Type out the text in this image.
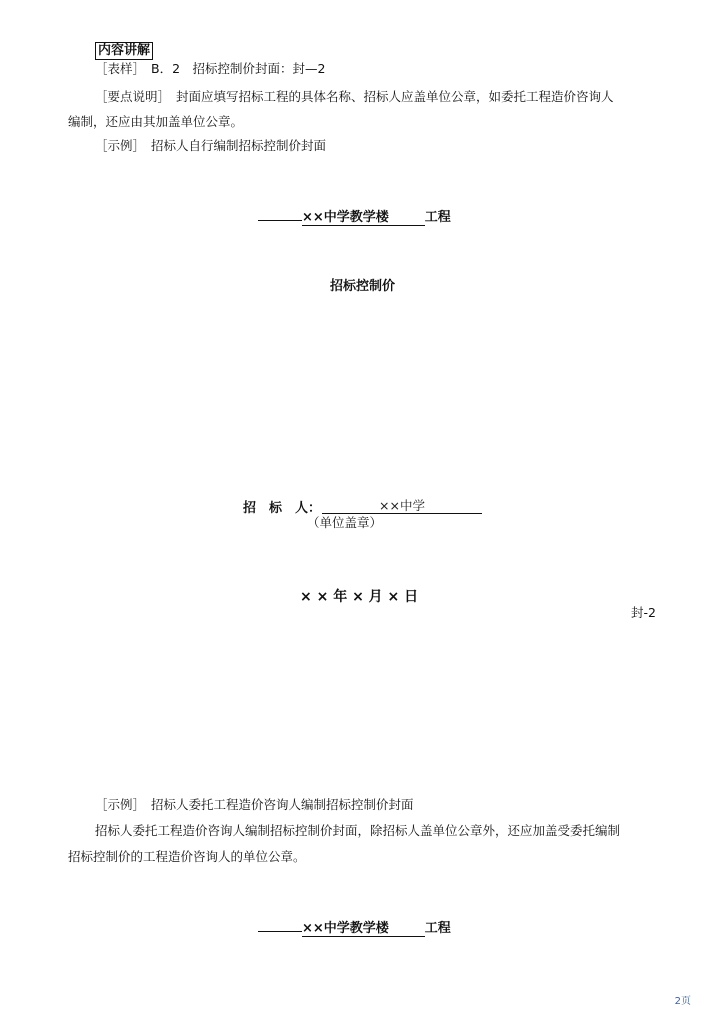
内容讲解
［表样］ B．2　招标控制价封面：封—2
［要点说明］ 封面应填写招标工程的具体名称、招标人应盖单位公章，如委托工程造价咨询人
编制，还应由其加盖单位公章。
［示例］ 招标人自行编制招标控制价封面
××中学教学楼	工程
招标控制价
招　标　人：	××中学
（单位盖章）
× × 年 × 月 × 日
封-2
［示例］ 招标人委托工程造价咨询人编制招标控制价封面
招标人委托工程造价咨询人编制招标控制价封面，除招标人盖单位公章外，还应加盖受委托编制
招标控制价的工程造价咨询人的单位公章。
××中学教学楼	工程
2页
